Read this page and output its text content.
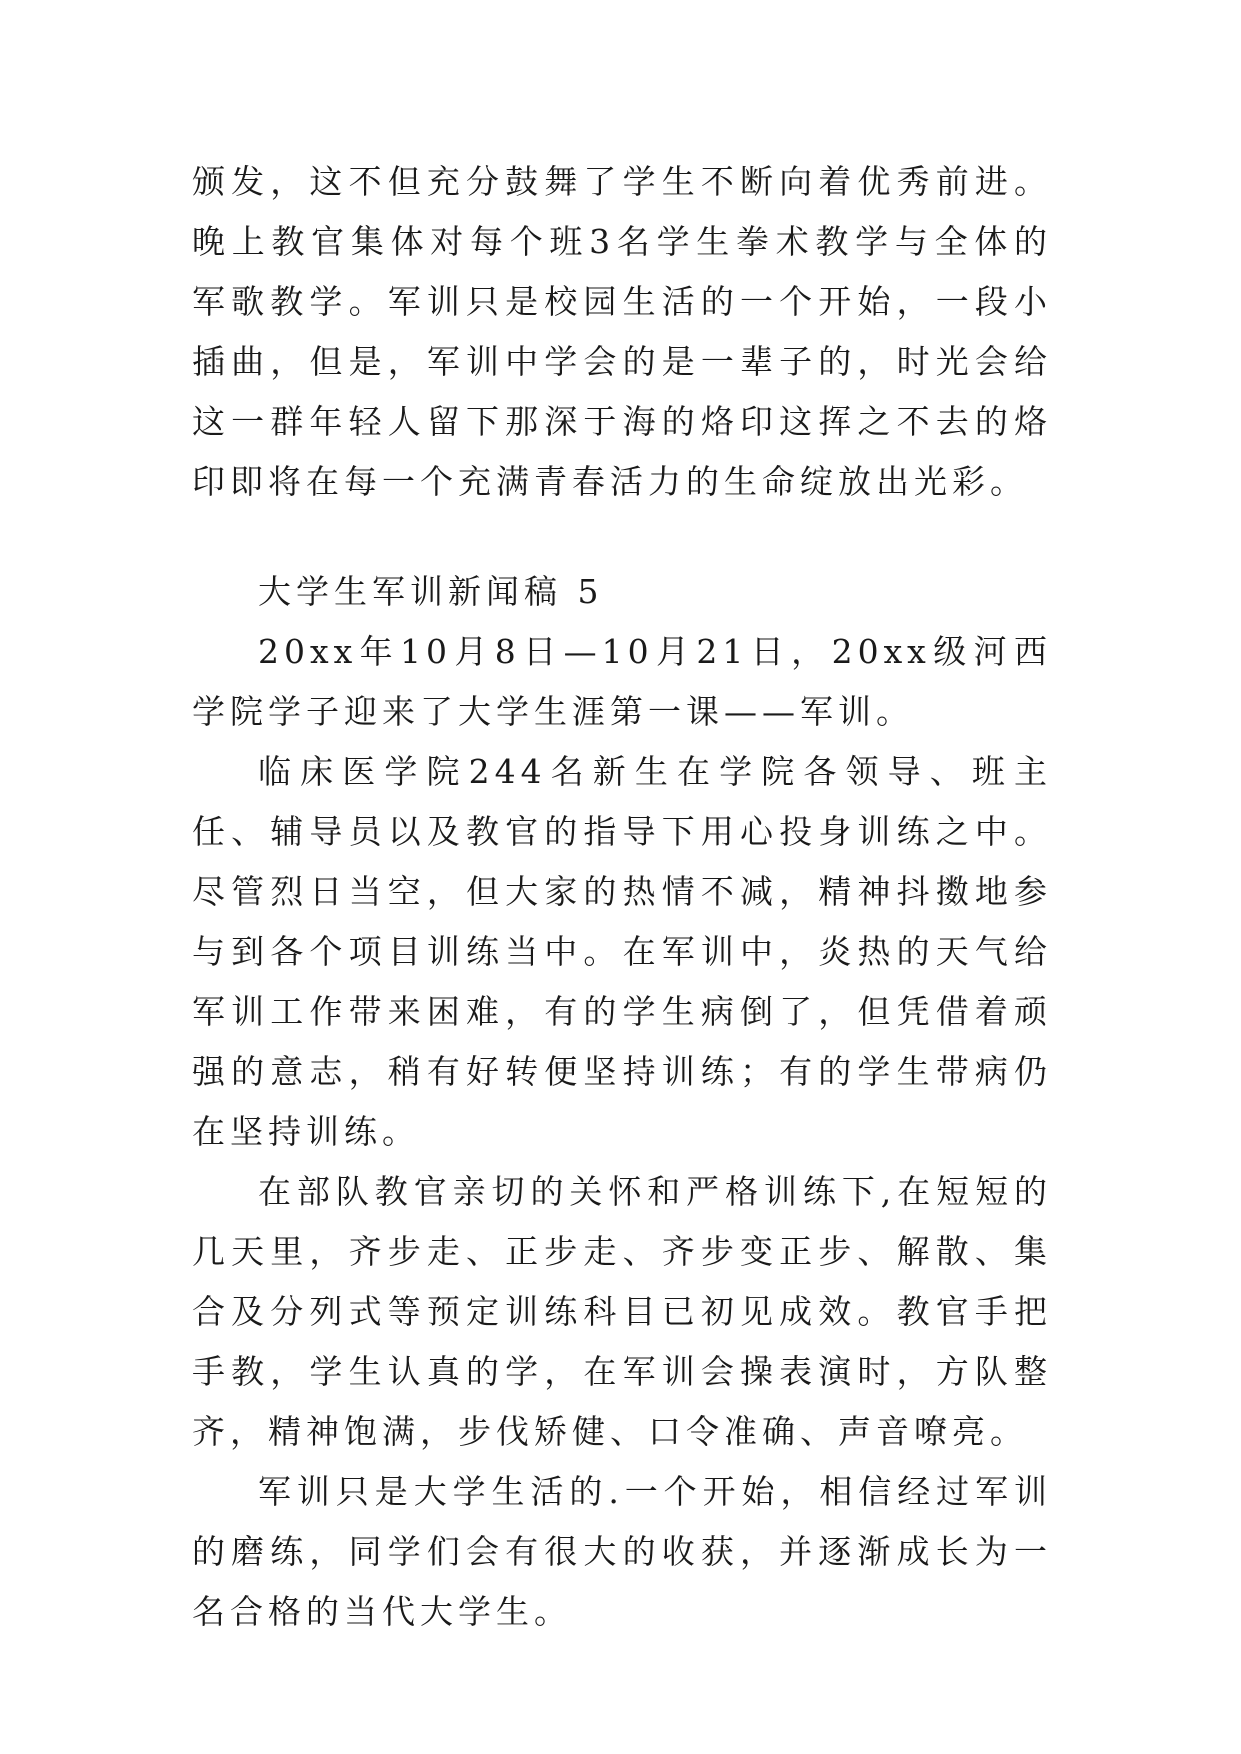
颁发，这不但充分鼓舞了学生不断向着优秀前进。晚上教官集体对每个班3名学生拳术教学与全体的军歌教学。军训只是校园生活的一个开始，一段小插曲，但是，军训中学会的是一辈子的，时光会给这一群年轻人留下那深于海的烙印这挥之不去的烙印即将在每一个充满青春活力的生命绽放出光彩。

大学生军训新闻稿 5

20xx年10月8日—10月21日，20xx级河西学院学子迎来了大学生涯第一课——军训。

临床医学院244名新生在学院各领导、班主任、辅导员以及教官的指导下用心投身训练之中。尽管烈日当空，但大家的热情不减，精神抖擞地参与到各个项目训练当中。在军训中，炎热的天气给军训工作带来困难，有的学生病倒了，但凭借着顽强的意志，稍有好转便坚持训练；有的学生带病仍在坚持训练。

在部队教官亲切的关怀和严格训练下,在短短的几天里，齐步走、正步走、齐步变正步、解散、集合及分列式等预定训练科目已初见成效。教官手把手教，学生认真的学，在军训会操表演时，方队整齐，精神饱满，步伐矫健、口令准确、声音嘹亮。

军训只是大学生活的.一个开始，相信经过军训的磨练，同学们会有很大的收获，并逐渐成长为一名合格的当代大学生。
